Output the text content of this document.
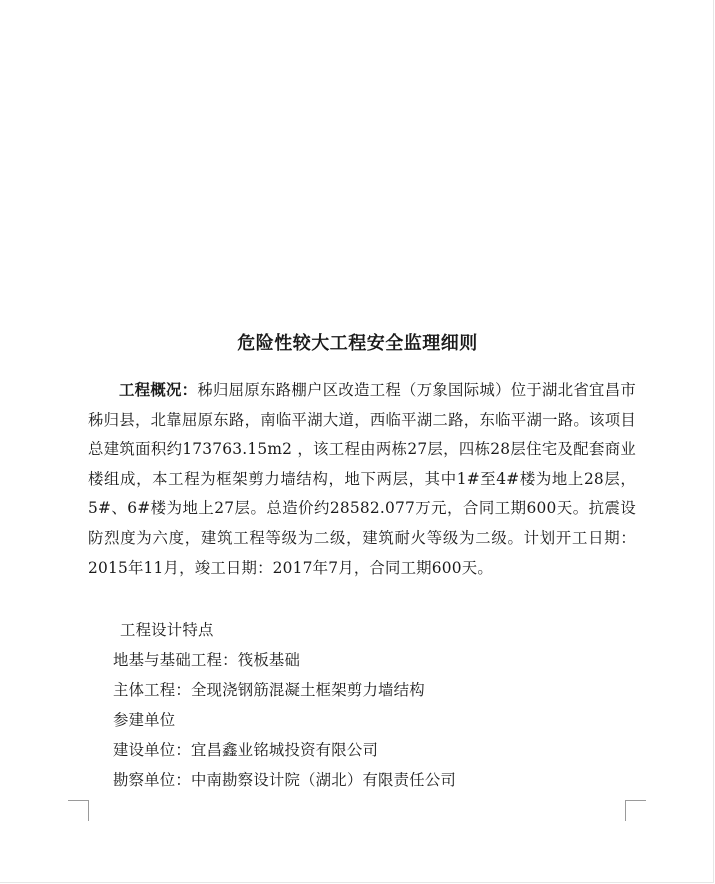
危险性较大工程安全监理细则

工程概况：秭归屈原东路棚户区改造工程（万象国际城）位于湖北省宜昌市秭归县，北靠屈原东路，南临平湖大道，西临平湖二路，东临平湖一路。该项目总建筑面积约173763.15m2 ，该工程由两栋27层，四栋28层住宅及配套商业楼组成，本工程为框架剪力墙结构，地下两层，其中1#至4#楼为地上28层，5#、6#楼为地上27层。总造价约28582.077万元，合同工期600天。抗震设防烈度为六度，建筑工程等级为二级，建筑耐火等级为二级。计划开工日期：2015年11月，竣工日期：2017年7月，合同工期600天。

工程设计特点
地基与基础工程：筏板基础
主体工程：全现浇钢筋混凝土框架剪力墙结构
参建单位
建设单位：宜昌鑫业铭城投资有限公司
勘察单位：中南勘察设计院（湖北）有限责任公司
